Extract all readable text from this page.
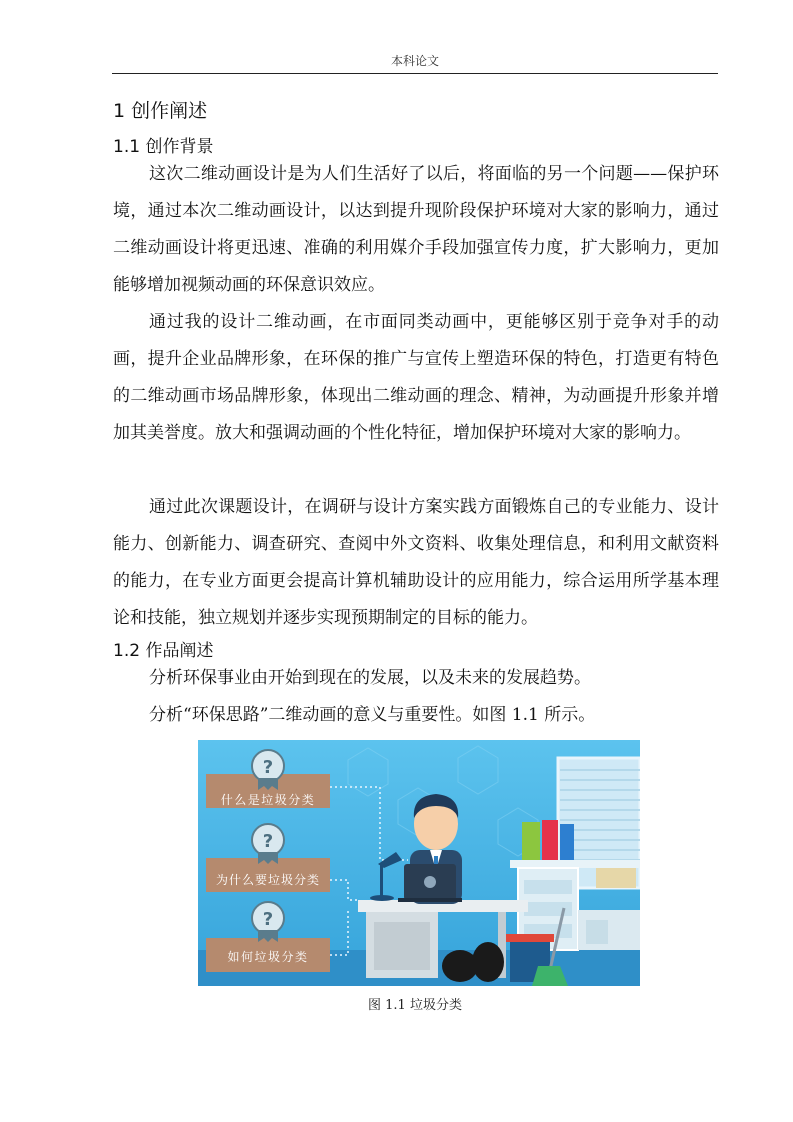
本科论文
1 创作阐述
1.1 创作背景

这次二维动画设计是为人们生活好了以后，将面临的另一个问题——保护环境，通过本次二维动画设计，以达到提升现阶段保护环境对大家的影响力，通过二维动画设计将更迅速、准确的利用媒介手段加强宣传力度，扩大影响力，更加能够增加视频动画的环保意识效应。

通过我的设计二维动画，在市面同类动画中，更能够区别于竞争对手的动画，提升企业品牌形象，在环保的推广与宣传上塑造环保的特色，打造更有特色的二维动画市场品牌形象，体现出二维动画的理念、精神，为动画提升形象并增加其美誉度。放大和强调动画的个性化特征，增加保护环境对大家的影响力。

通过此次课题设计，在调研与设计方案实践方面锻炼自己的专业能力、设计能力、创新能力、调查研究、查阅中外文资料、收集处理信息，和利用文献资料的能力，在专业方面更会提高计算机辅助设计的应用能力，综合运用所学基本理论和技能，独立规划并逐步实现预期制定的目标的能力。

1.2 作品阐述

分析环保事业由开始到现在的发展，以及未来的发展趋势。

分析“环保思路”二维动画的意义与重要性。如图 1.1 所示。

?
什么是垃圾分类
?
为什么要垃圾分类
?
如何垃圾分类
图 1.1 垃圾分类
